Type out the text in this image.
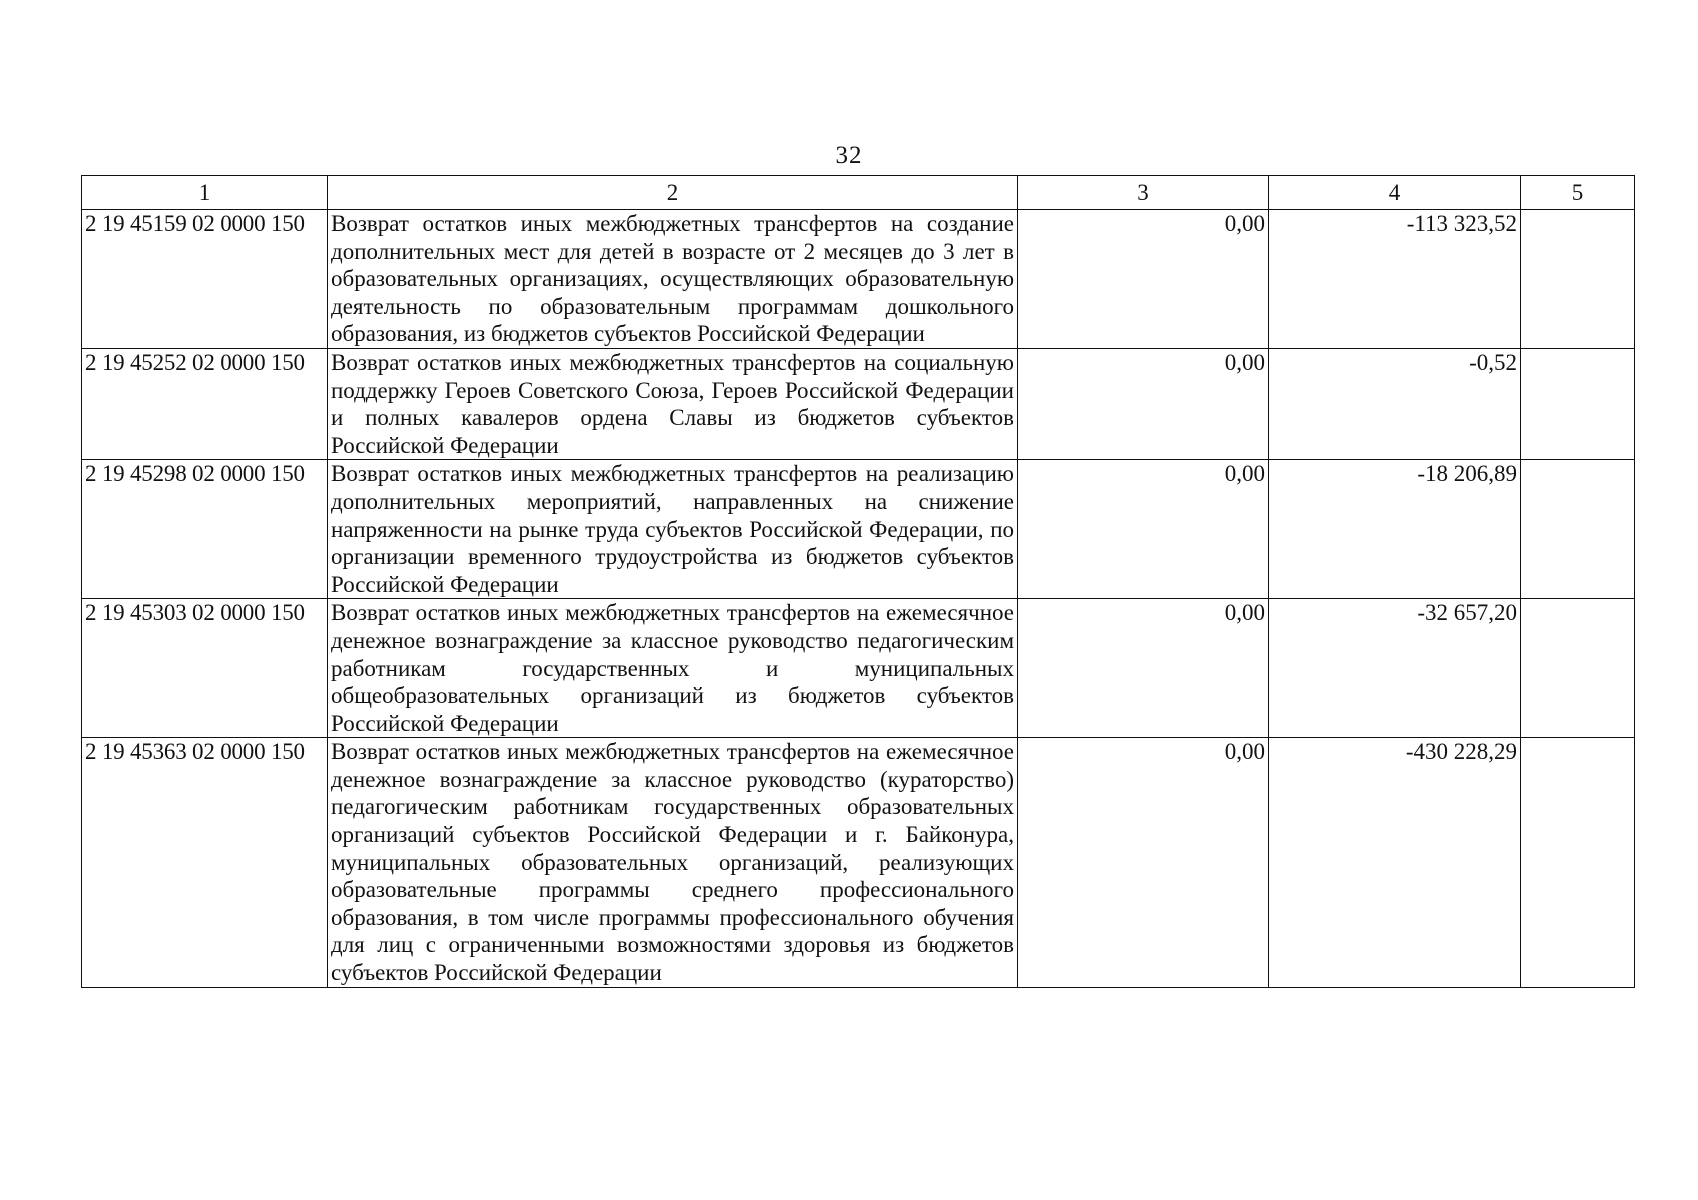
32
1	2	3	4	5
2 19 45159 02 0000 150	Возврат остатков иных межбюджетных трансфертов на создание дополнительных мест для детей в возрасте от 2 месяцев до 3 лет в образовательных организациях, осуществляющих образовательную деятельность по образовательным программам дошкольного образования, из бюджетов субъектов Российской Федерации	0,00	-113 323,52	
2 19 45252 02 0000 150	Возврат остатков иных межбюджетных трансфертов на социальную поддержку Героев Советского Союза, Героев Российской Федерации и полных кавалеров ордена Славы из бюджетов субъектов Российской Федерации	0,00	-0,52	
2 19 45298 02 0000 150	Возврат остатков иных межбюджетных трансфертов на реализацию дополнительных мероприятий, направленных на снижение напряженности на рынке труда субъектов Российской Федерации, по организации временного трудоустройства из бюджетов субъектов Российской Федерации	0,00	-18 206,89	
2 19 45303 02 0000 150	Возврат остатков иных межбюджетных трансфертов на ежемесячное денежное вознаграждение за классное руководство педагогическим работникам государственных и муниципальных общеобразовательных организаций из бюджетов субъектов Российской Федерации	0,00	-32 657,20	
2 19 45363 02 0000 150	Возврат остатков иных межбюджетных трансфертов на ежемесячное денежное вознаграждение за классное руководство (кураторство) педагогическим работникам государственных образовательных организаций субъектов Российской Федерации и г. Байконура, муниципальных образовательных организаций, реализующих образовательные программы среднего профессионального образования, в том числе программы профессионального обучения для лиц с ограниченными возможностями здоровья из бюджетов субъектов Российской Федерации	0,00	-430 228,29	
